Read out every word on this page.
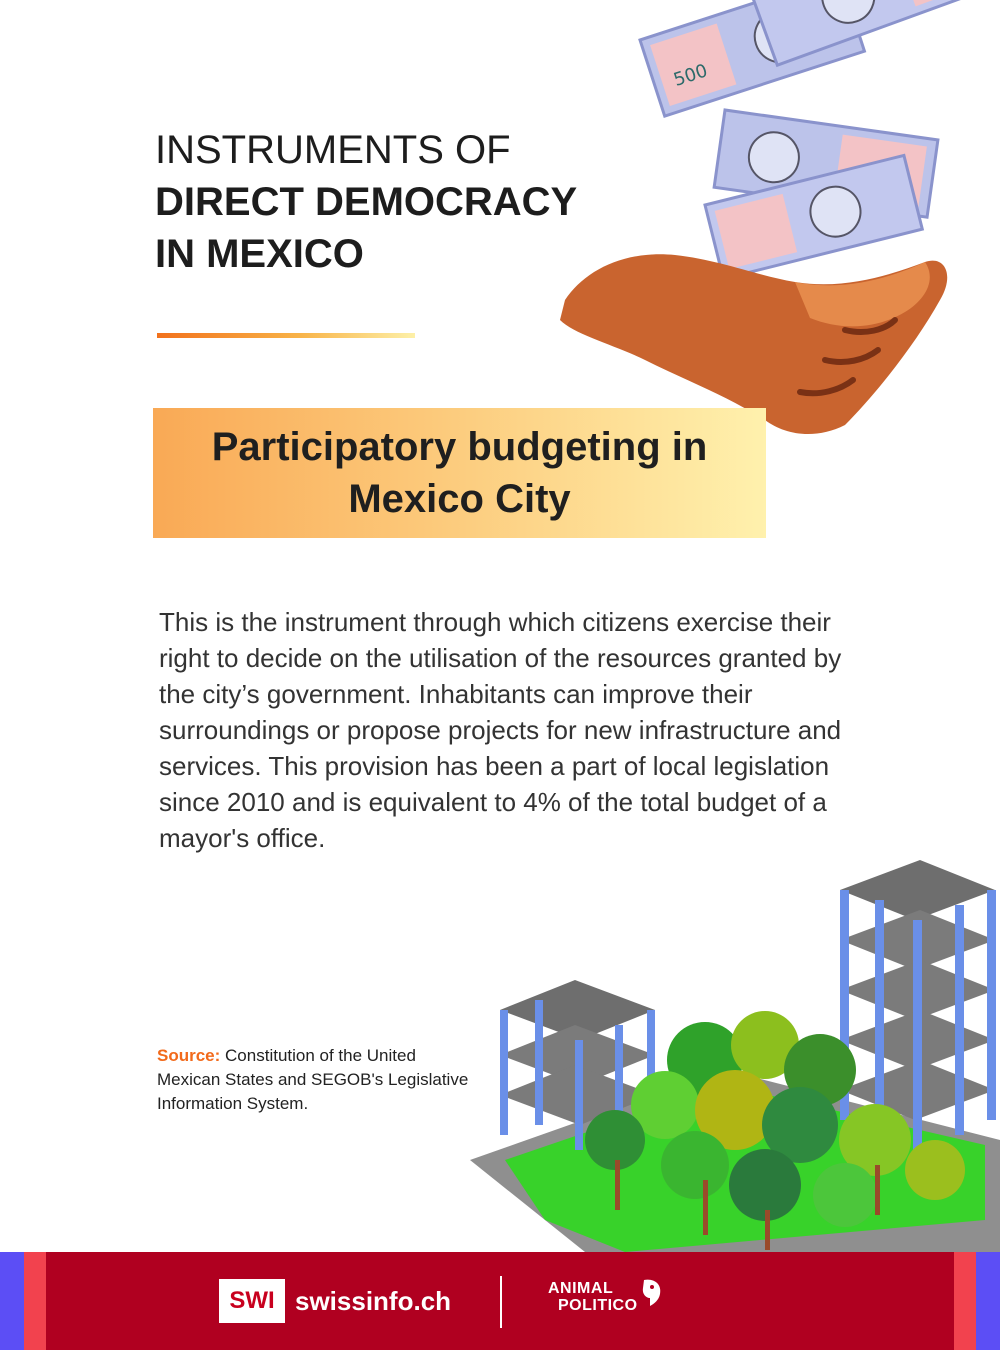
INSTRUMENTS OF
DIRECT DEMOCRACY
IN MEXICO
500
Participatory budgeting in Mexico City
This is the instrument through which citizens exercise their right to decide on the utilisation of the resources granted by the city’s government. Inhabitants can improve their surroundings or propose projects for new infrastructure and services. This provision has been a part of local legislation since 2010 and is equivalent to 4% of the total budget of a mayor's office.
Source: Constitution of the United Mexican States and SEGOB's Legislative Information System.
SWI swissinfo.ch	ANIMAL
POLITICO
